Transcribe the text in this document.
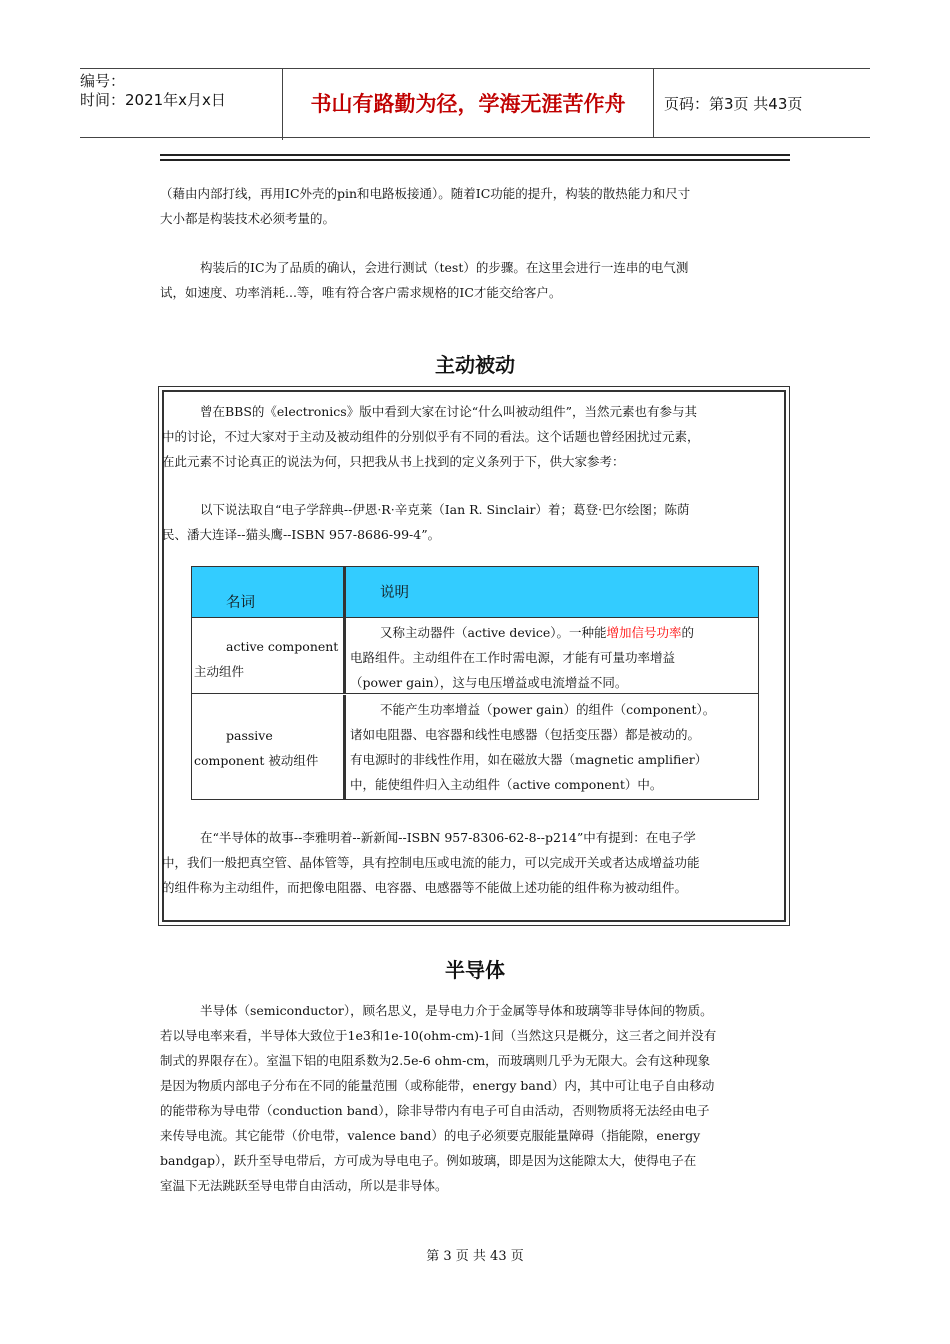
编号：
时间：2021年x月x日	书山有路勤为径，学海无涯苦作舟	页码：第3页 共43页

（藉由内部打线，再用IC外壳的pin和电路板接通）。随着IC功能的提升，构装的散热能力和尺寸
大小都是构装技术必须考量的。

构装后的IC为了品质的确认，会进行测试（test）的步骤。在这里会进行一连串的电气测
试，如速度、功率消耗...等，唯有符合客户需求规格的IC才能交给客户。

主动被动

曾在BBS的《electronics》版中看到大家在讨论“什么叫被动组件”，当然元素也有参与其
中的讨论，不过大家对于主动及被动组件的分别似乎有不同的看法。这个话题也曾经困扰过元素，
在此元素不讨论真正的说法为何，只把我从书上找到的定义条列于下，供大家参考：

以下说法取自“电子学辞典--伊恩·R·辛克莱（Ian R. Sinclair）着；葛登·巴尔绘图；陈荫
民、潘大连译--猫头鹰--ISBN 957-8686-99-4”。

名词
说明
active component
主动组件
又称主动器件（active device）。一种能增加信号功率的
电路组件。主动组件在工作时需电源，才能有可量功率增益
（power gain），这与电压增益或电流增益不同。
passive
component 被动组件
不能产生功率增益（power gain）的组件（component）。
诸如电阻器、电容器和线性电感器（包括变压器）都是被动的。
有电源时的非线性作用，如在磁放大器（magnetic amplifier）
中，能使组件归入主动组件（active component）中。

在“半导体的故事--李雅明着--新新闻--ISBN 957-8306-62-8--p214”中有提到：在电子学
中，我们一般把真空管、晶体管等，具有控制电压或电流的能力，可以完成开关或者达成增益功能
的组件称为主动组件，而把像电阻器、电容器、电感器等不能做上述功能的组件称为被动组件。

半导体

半导体（semiconductor），顾名思义，是导电力介于金属等导体和玻璃等非导体间的物质。
若以导电率来看，半导体大致位于1e3和1e-10(ohm-cm)-1间（当然这只是概分，这三者之间并没有
制式的界限存在）。室温下铝的电阻系数为2.5e-6 ohm-cm，而玻璃则几乎为无限大。会有这种现象
是因为物质内部电子分布在不同的能量范围（或称能带，energy band）内，其中可让电子自由移动
的能带称为导电带（conduction band），除非导带内有电子可自由活动，否则物质将无法经由电子
来传导电流。其它能带（价电带，valence band）的电子必须要克服能量障碍（指能隙，energy
bandgap），跃升至导电带后，方可成为导电电子。例如玻璃，即是因为这能隙太大，使得电子在
室温下无法跳跃至导电带自由活动，所以是非导体。

第 3 页 共 43 页
